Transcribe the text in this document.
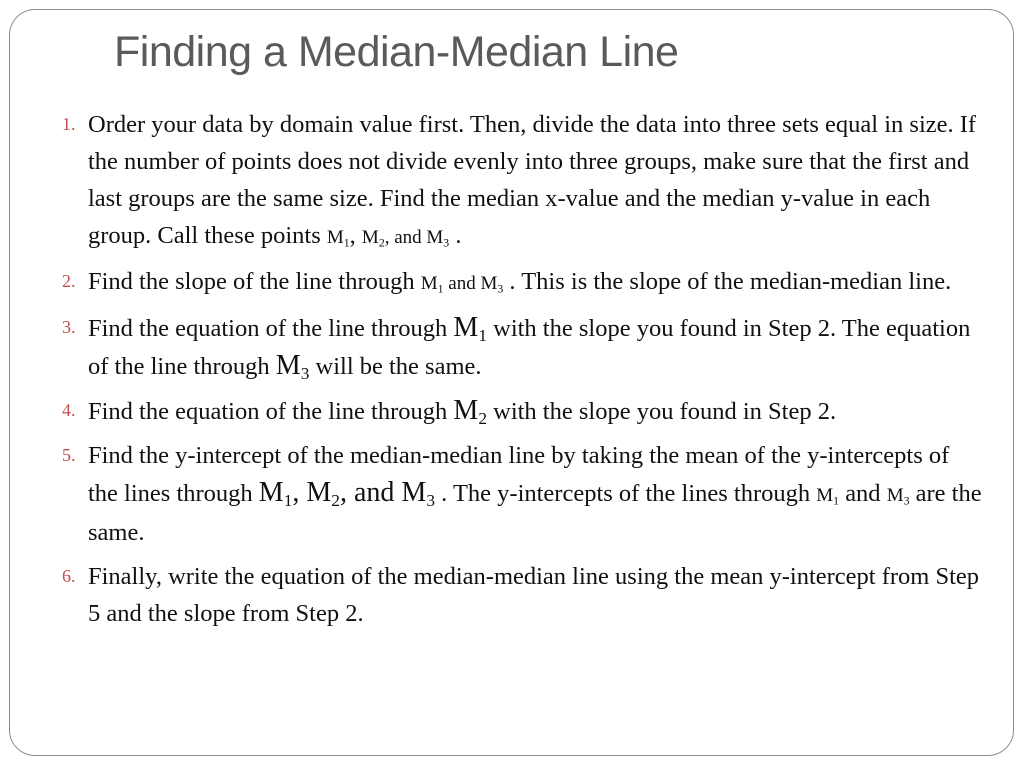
Finding a Median-Median Line
1. Order your data by domain value first. Then, divide the data into three sets equal in size. If the number of points does not divide evenly into three groups, make sure that the first and last groups are the same size. Find the median x-value and the median y-value in each group. Call these points $M_1$, $M_2$, and $M_3$ .
2. Find the slope of the line through $M_1$ and $M_3$ . This is the slope of the median-median line.
3. Find the equation of the line through $M_1$ with the slope you found in Step 2. The equation of the line through $M_3$ will be the same.
4. Find the equation of the line through $M_2$ with the slope you found in Step 2.
5. Find the y-intercept of the median-median line by taking the mean of the y-intercepts of the lines through $M_1$, $M_2$, and $M_3$ . The y-intercepts of the lines through $M_1$ and $M_3$ are the same.
6. Finally, write the equation of the median-median line using the mean y-intercept from Step 5 and the slope from Step 2.
